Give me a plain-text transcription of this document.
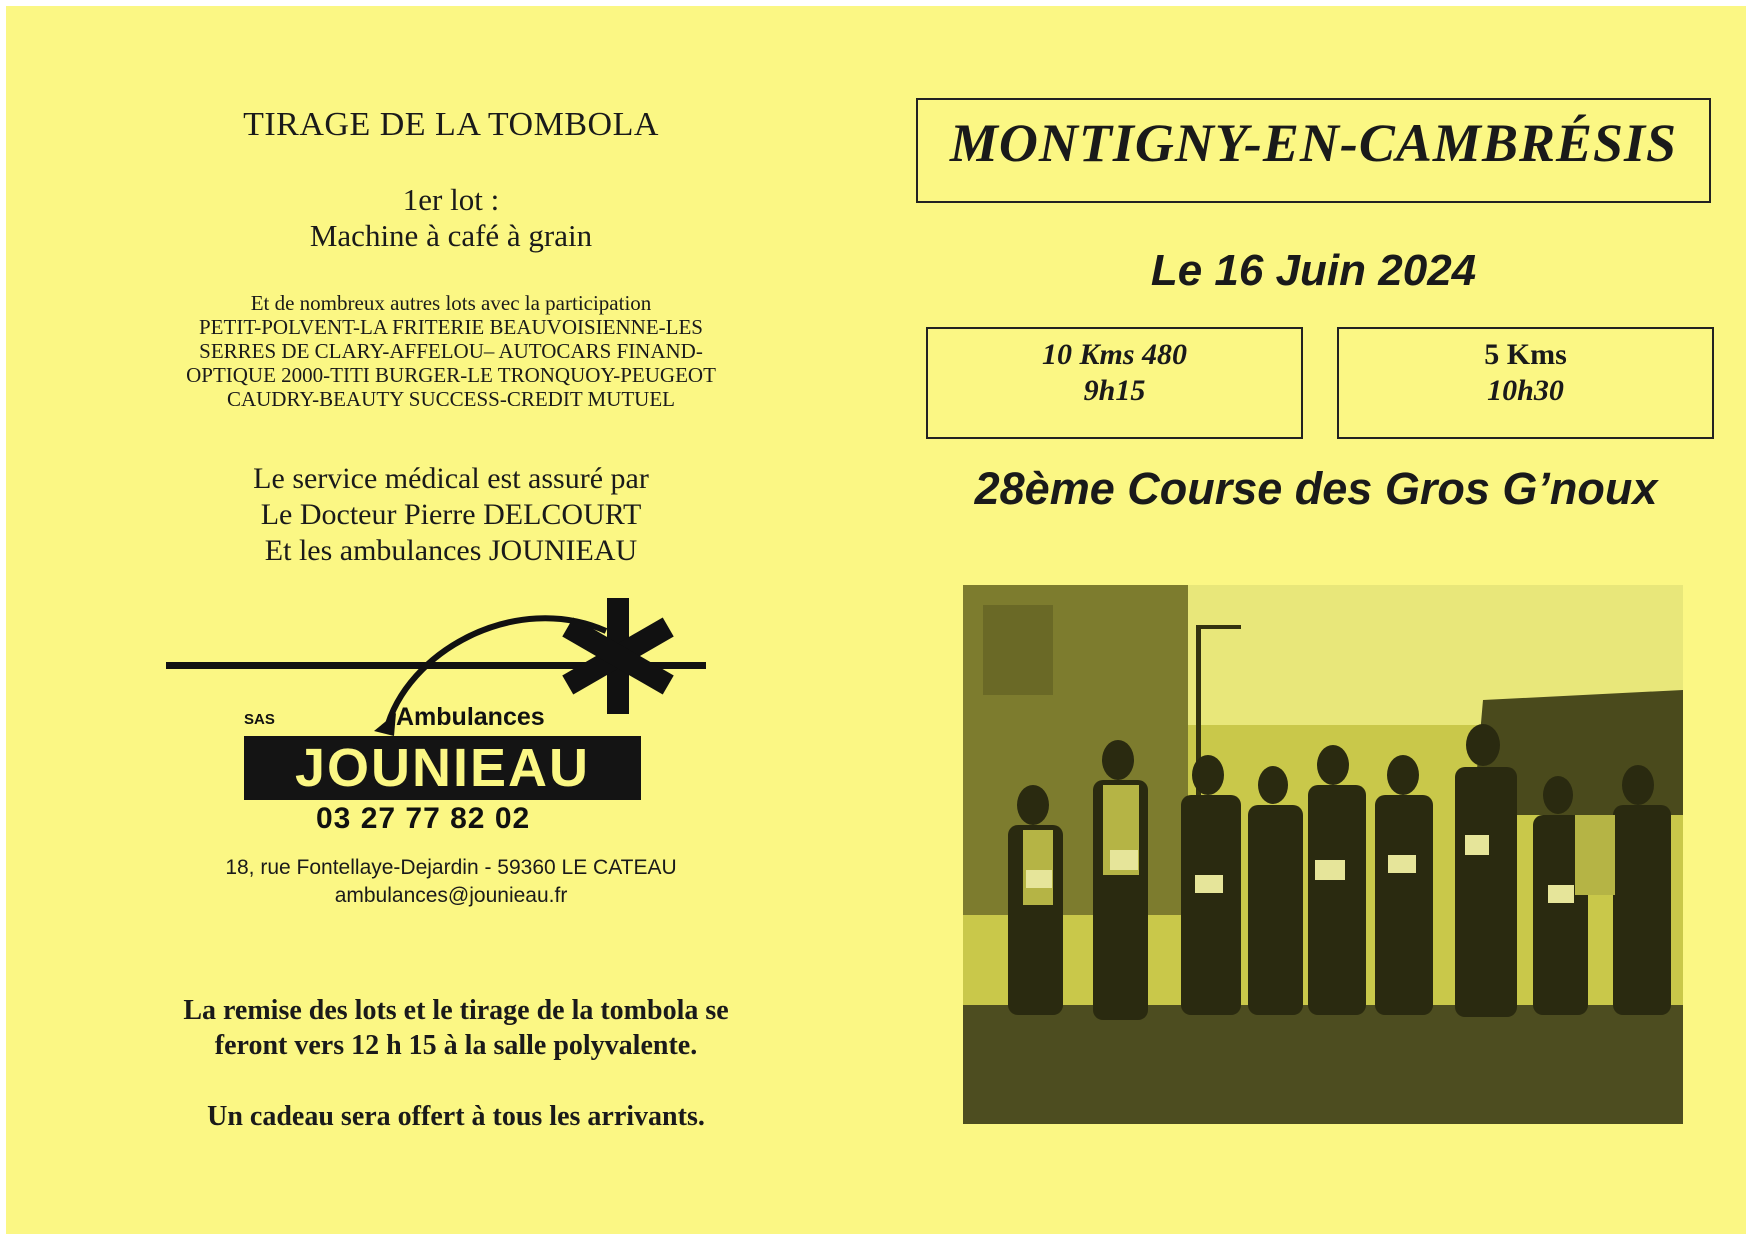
TIRAGE DE LA TOMBOLA
1er lot :
Machine à café à grain
Et de nombreux autres lots avec la participation
PETIT-POLVENT-LA FRITERIE BEAUVOISIENNE-LES
SERRES DE CLARY-AFFELOU– AUTOCARS FINAND-
OPTIQUE 2000-TITI BURGER-LE TRONQUOY-PEUGEOT
CAUDRY-BEAUTY SUCCESS-CREDIT MUTUEL
Le service médical est assuré par
Le Docteur Pierre DELCOURT
Et les ambulances JOUNIEAU
SAS	Ambulances
JOUNIEAU
03 27 77 82 02
18, rue Fontellaye-Dejardin - 59360 LE CATEAU
ambulances@jounieau.fr
La remise des lots et le tirage de la tombola se
feront vers 12 h 15 à la salle polyvalente.
Un cadeau sera offert à tous les arrivants.
MONTIGNY-EN-CAMBRÉSIS
Le 16 Juin 2024
10 Kms 480
9h15
5 Kms
10h30
28ème Course des Gros G’noux
